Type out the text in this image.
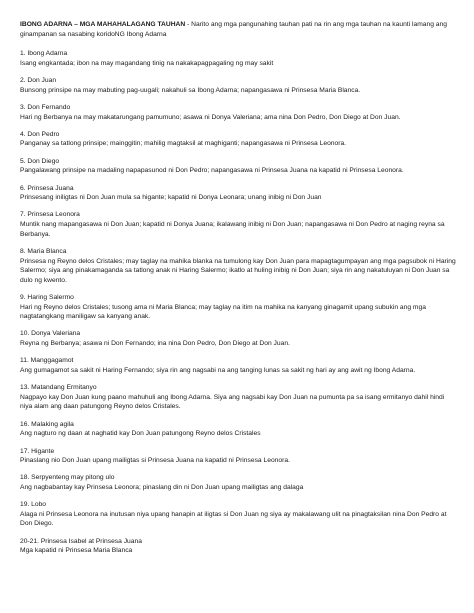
IBONG ADARNA – MGA MAHAHALAGANG TAUHAN - Narito ang mga pangunahing tauhan pati na rin ang mga tauhan na kaunti lamang ang ginampanan sa nasabing koridoNG Ibong Adarna

1. Ibong Adarna
Isang engkantada; ibon na may magandang tinig na nakakapagpagaling ng may sakit
2. Don Juan
Bunsong prinsipe na may mabuting pag-uugali; nakahuli sa Ibong Adarna; napangasawa ni Prinsesa Maria Blanca.
3. Don Fernando
Hari ng Berbanya na may makatarungang pamumuno; asawa ni Donya Valeriana; ama nina Don Pedro, Don Diego at Don Juan.
4. Don Pedro
Panganay sa tatlong prinsipe; mainggitin; mahilig magtaksil at maghiganti; napangasawa ni Prinsesa Leonora.
5. Don Diego
Pangalawang prinsipe na madaling napapasunod ni Don Pedro; napangasawa ni Prinsesa Juana na kapatid ni Prinsesa Leonora.
6. Prinsesa Juana
Prinsesang iniligtas ni Don Juan mula sa higante; kapatid ni Donya Leonara; unang inibig ni Don Juan
7. Prinsesa Leonora
Muntik nang mapangasawa ni Don Juan; kapatid ni Donya Juana; ikalawang inibig ni Don Juan; napangasawa ni Don Pedro at naging reyna sa Berbanya.
8. Maria Blanca
Prinsesa ng Reyno delos Cristales; may taglay na mahika blanka na tumulong kay Don Juan para mapagtagumpayan ang mga pagsubok ni Haring Salermo; siya ang pinakamaganda sa tatlong anak ni Haring Salermo; ikatlo at huling inibig ni Don Juan; siya rin ang nakatuluyan ni Don Juan sa dulo ng kwento.
9. Haring Salermo
Hari ng Reyno delos Cristales; tusong ama ni Maria Blanca; may taglay na itim na mahika na kanyang ginagamit upang subukin ang mga nagtatangkang maniligaw sa kanyang anak.
10. Donya Valeriana
Reyna ng Berbanya; asawa ni Don Fernando; ina nina Don Pedro, Don Diego at Don Juan.
11. Manggagamot
Ang gumagamot sa sakit ni Haring Fernando; siya rin ang nagsabi na ang tanging lunas sa sakit ng hari ay ang awit ng Ibong Adarna.
13. Matandang Ermitanyo
Nagpayo kay Don Juan kung paano mahuhuli ang Ibong Adarna. Siya ang nagsabi kay Don Juan na pumunta pa sa isang ermitanyo dahil hindi niya alam ang daan patungong Reyno delos Cristales.
16. Malaking agila
Ang nagturo ng daan at naghatid kay Don Juan patungong Reyno delos Cristales
17. Higante
Pinaslang nio Don Juan upang mailigtas si Prinsesa Juana na kapatid ni Prinsesa Leonora.
18. Serpyenteng may pitong ulo
Ang nagbabantay kay Prinsesa Leonora; pinaslang din ni Don Juan upang mailigtas ang dalaga
19. Lobo
Alaga ni Prinsesa Leonora na inutusan niya upang hanapin at iligtas si Don Juan ng siya ay makalawang ulit na pinagtaksilan nina Don Pedro at Don Diego.
20-21. Prinsesa Isabel at Prinsesa Juana
Mga kapatid ni Prinsesa Maria Blanca
